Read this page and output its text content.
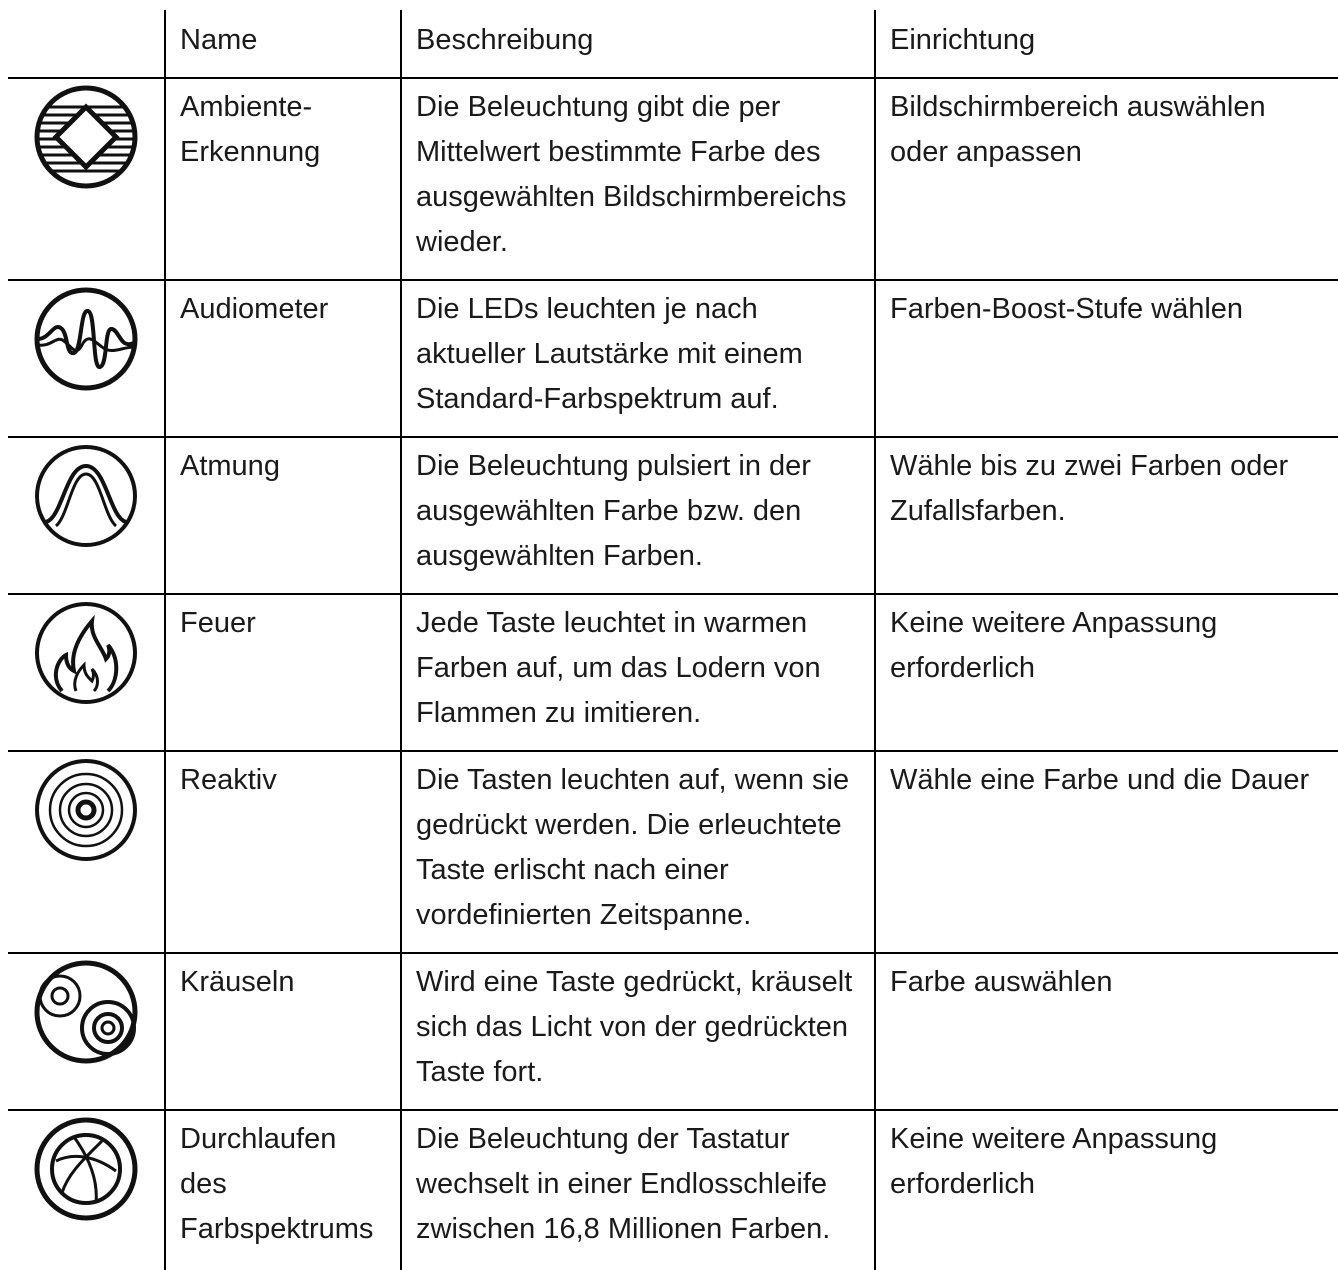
	Name	Beschreibung	Einrichtung

	Ambiente-Erkennung	Die Beleuchtung gibt die per Mittelwert bestimmte Farbe des ausgewählten Bildschirmbereichs wieder.	Bildschirmbereich auswählen oder anpassen

	Audiometer	Die LEDs leuchten je nach aktueller Lautstärke mit einem Standard-Farbspektrum auf.	Farben-Boost-Stufe wählen

	Atmung	Die Beleuchtung pulsiert in der ausgewählten Farbe bzw. den ausgewählten Farben.	Wähle bis zu zwei Farben oder Zufallsfarben.

	Feuer	Jede Taste leuchtet in warmen Farben auf, um das Lodern von Flammen zu imitieren.	Keine weitere Anpassung erforderlich

	Reaktiv	Die Tasten leuchten auf, wenn sie gedrückt werden. Die erleuchtete Taste erlischt nach einer vordefinierten Zeitspanne.	Wähle eine Farbe und die Dauer

	Kräuseln	Wird eine Taste gedrückt, kräuselt sich das Licht von der gedrückten Taste fort.	Farbe auswählen

	Durchlaufen des Farbspektrums	Die Beleuchtung der Tastatur wechselt in einer Endlosschleife zwischen 16,8 Millionen Farben.	Keine weitere Anpassung erforderlich
